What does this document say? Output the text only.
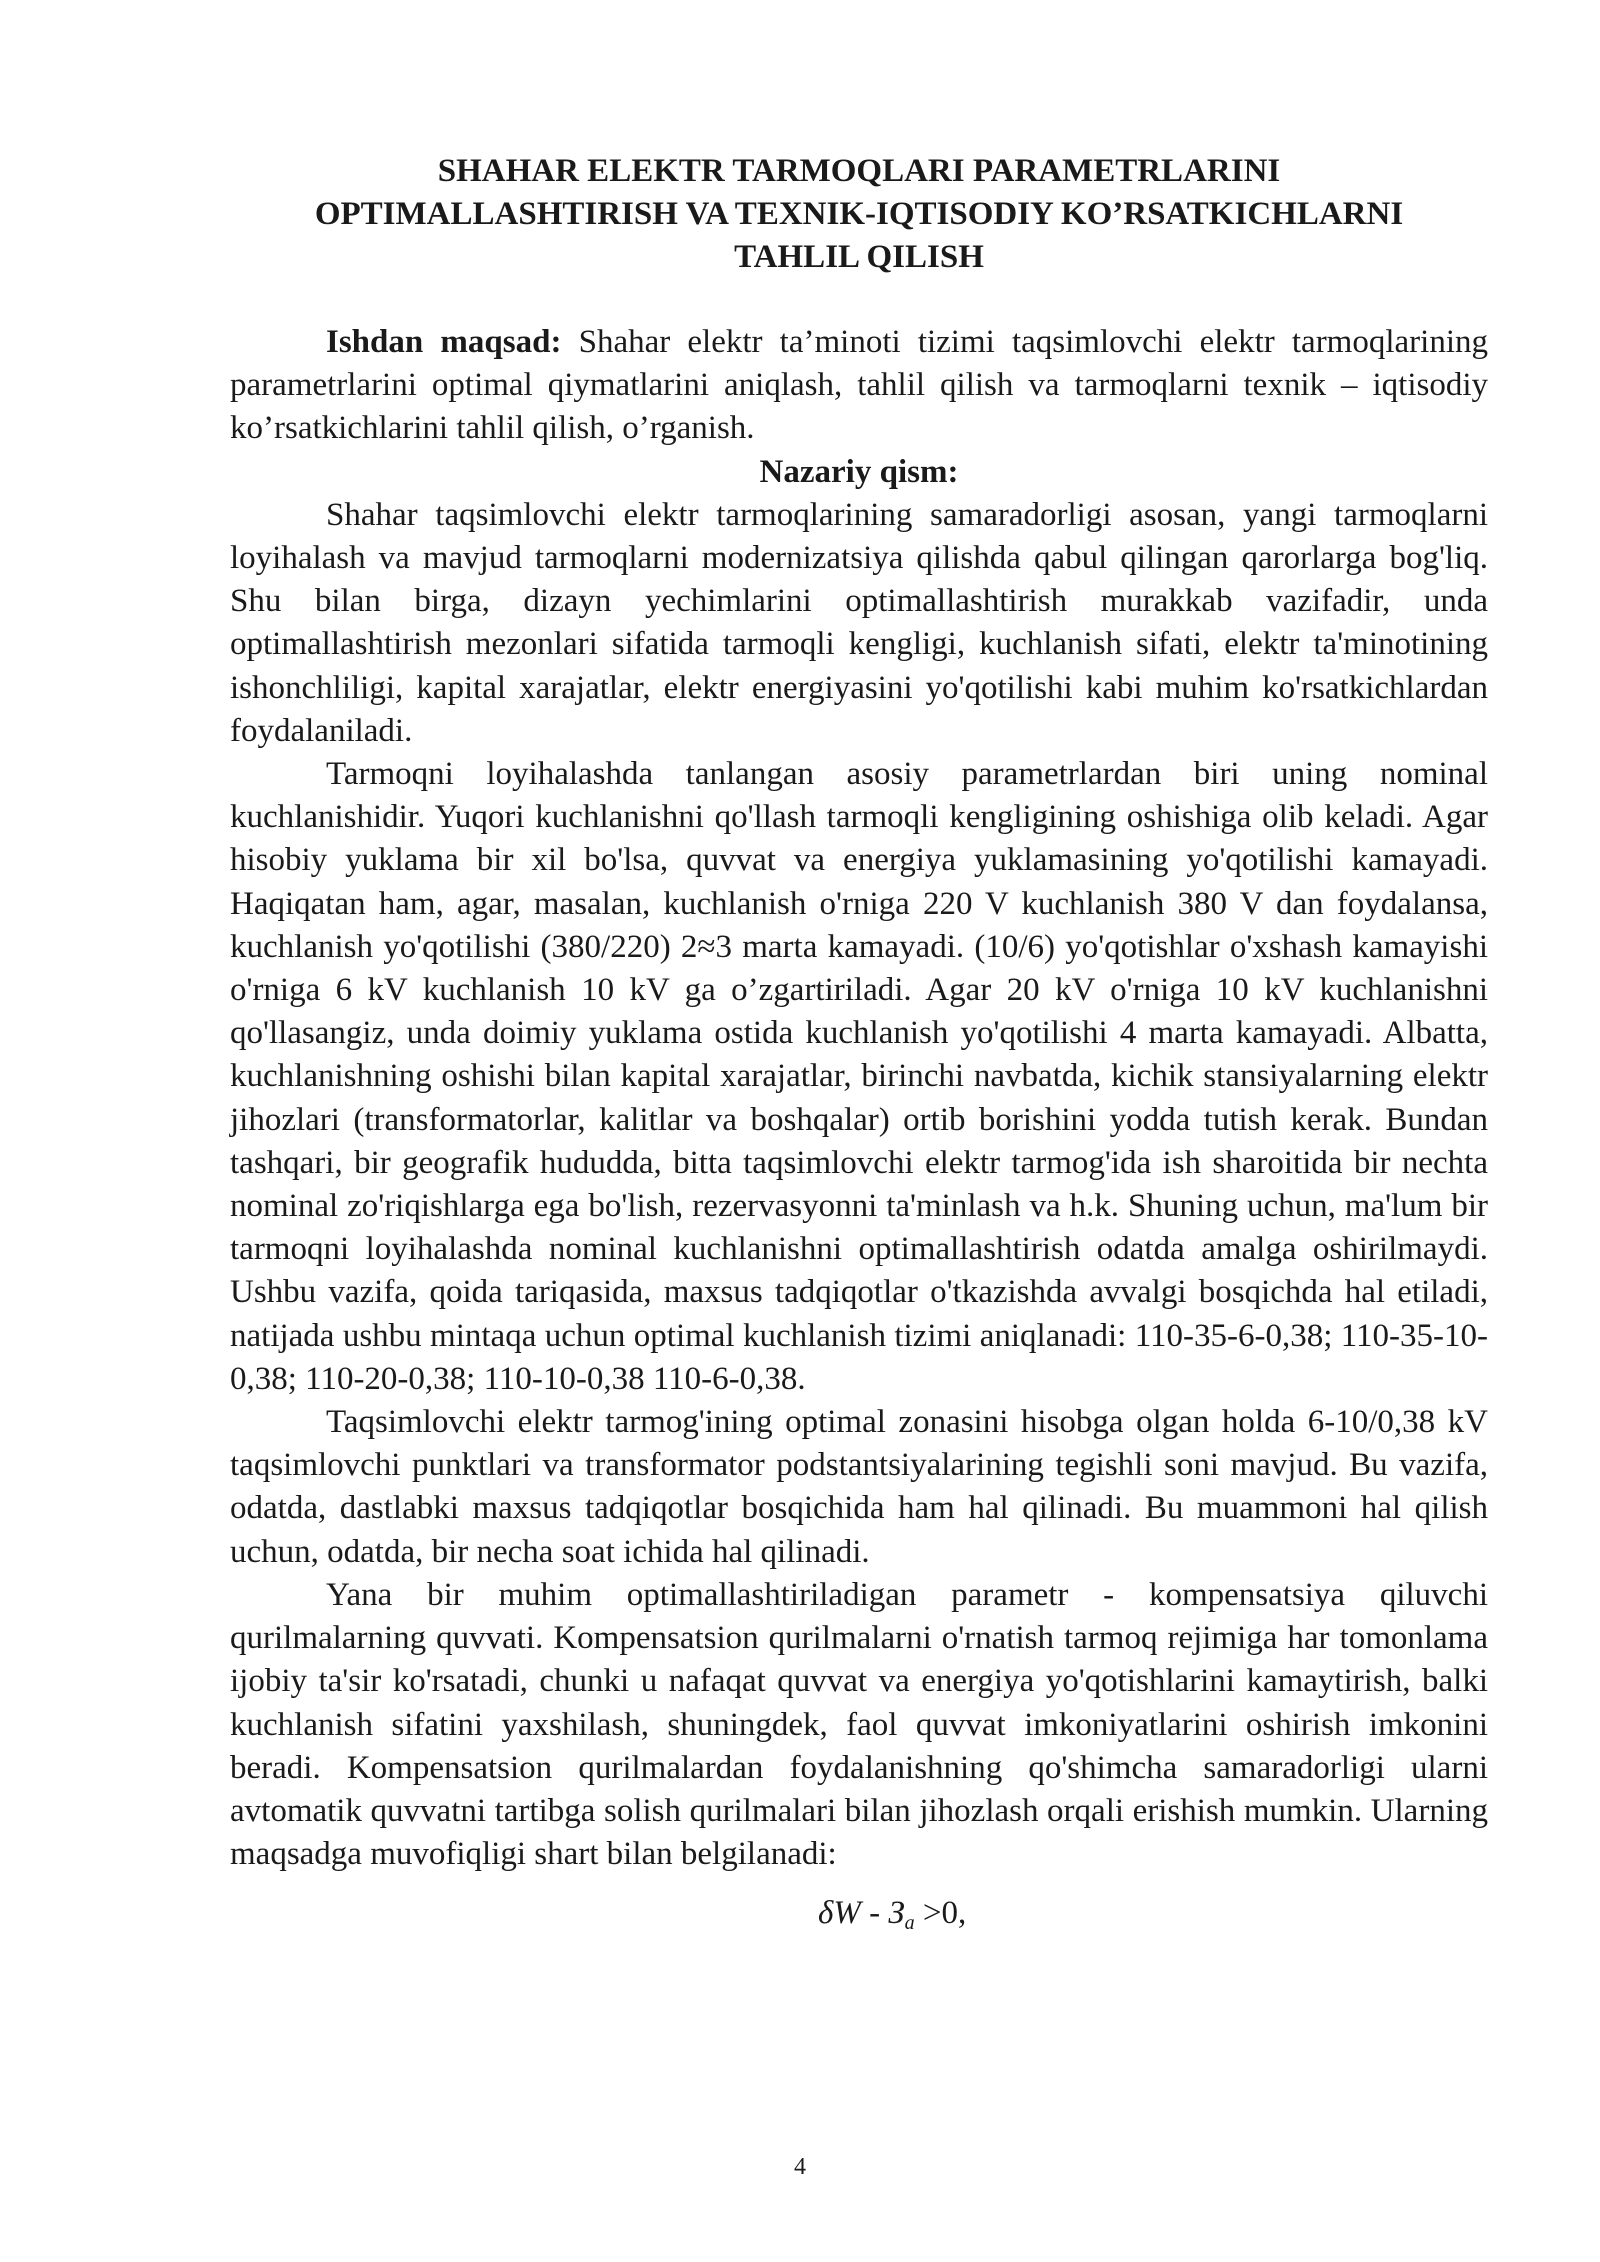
SHAHAR ELEKTR TARMOQLARI PARAMETRLARINI
OPTIMALLASHTIRISH VA TEXNIK-IQTISODIY KO’RSATKICHLARNI
TAHLIL QILISH

Ishdan maqsad: Shahar elektr ta’minoti tizimi taqsimlovchi elektr tarmoqlarining parametrlarini optimal qiymatlarini aniqlash, tahlil qilish va tarmoqlarni texnik – iqtisodiy ko’rsatkichlarini tahlil qilish, o’rganish.

Nazariy qism:

Shahar taqsimlovchi elektr tarmoqlarining samaradorligi asosan, yangi tarmoqlarni loyihalash va mavjud tarmoqlarni modernizatsiya qilishda qabul qilingan qarorlarga bog'liq. Shu bilan birga, dizayn yechimlarini optimallashtirish murakkab vazifadir, unda optimallashtirish mezonlari sifatida tarmoqli kengligi, kuchlanish sifati, elektr ta'minotining ishonchliligi, kapital xarajatlar, elektr energiyasini yo'qotilishi kabi muhim ko'rsatkichlardan foydalaniladi.

Tarmoqni loyihalashda tanlangan asosiy parametrlardan biri uning nominal kuchlanishidir. Yuqori kuchlanishni qo'llash tarmoqli kengligining oshishiga olib keladi. Agar hisobiy yuklama bir xil bo'lsa, quvvat va energiya yuklamasining yo'qotilishi kamayadi. Haqiqatan ham, agar, masalan, kuchlanish o'rniga 220 V kuchlanish 380 V dan foydalansa, kuchlanish yo'qotilishi (380/220) 2≈3 marta kamayadi. (10/6) yo'qotishlar o'xshash kamayishi o'rniga 6 kV kuchlanish 10 kV ga o’zgartiriladi. Agar 20 kV o'rniga 10 kV kuchlanishni qo'llasangiz, unda doimiy yuklama ostida kuchlanish yo'qotilishi 4 marta kamayadi. Albatta, kuchlanishning oshishi bilan kapital xarajatlar, birinchi navbatda, kichik stansiyalarning elektr jihozlari (transformatorlar, kalitlar va boshqalar) ortib borishini yodda tutish kerak. Bundan tashqari, bir geografik hududda, bitta taqsimlovchi elektr tarmog'ida ish sharoitida bir nechta nominal zo'riqishlarga ega bo'lish, rezervasyonni ta'minlash va h.k. Shuning uchun, ma'lum bir tarmoqni loyihalashda nominal kuchlanishni optimallashtirish odatda amalga oshirilmaydi. Ushbu vazifa, qoida tariqasida, maxsus tadqiqotlar o'tkazishda avvalgi bosqichda hal etiladi, natijada ushbu mintaqa uchun optimal kuchlanish tizimi aniqlanadi: 110-35-6-0,38; 110-35-10-0,38; 110-20-0,38; 110-10-0,38 110-6-0,38.

Taqsimlovchi elektr tarmog'ining optimal zonasini hisobga olgan holda 6-10/0,38 kV taqsimlovchi punktlari va transformator podstantsiyalarining tegishli soni mavjud. Bu vazifa, odatda, dastlabki maxsus tadqiqotlar bosqichida ham hal qilinadi. Bu muammoni hal qilish uchun, odatda, bir necha soat ichida hal qilinadi.

Yana bir muhim optimallashtiriladigan parametr - kompensatsiya qiluvchi qurilmalarning quvvati. Kompensatsion qurilmalarni o'rnatish tarmoq rejimiga har tomonlama ijobiy ta'sir ko'rsatadi, chunki u nafaqat quvvat va energiya yo'qotishlarini kamaytirish, balki kuchlanish sifatini yaxshilash, shuningdek, faol quvvat imkoniyatlarini oshirish imkonini beradi. Kompensatsion qurilmalardan foydalanishning qo'shimcha samaradorligi ularni avtomatik quvvatni tartibga solish qurilmalari bilan jihozlash orqali erishish mumkin. Ularning maqsadga muvofiqligi shart bilan belgilanadi:

$\delta W - З_a >0$,

4
